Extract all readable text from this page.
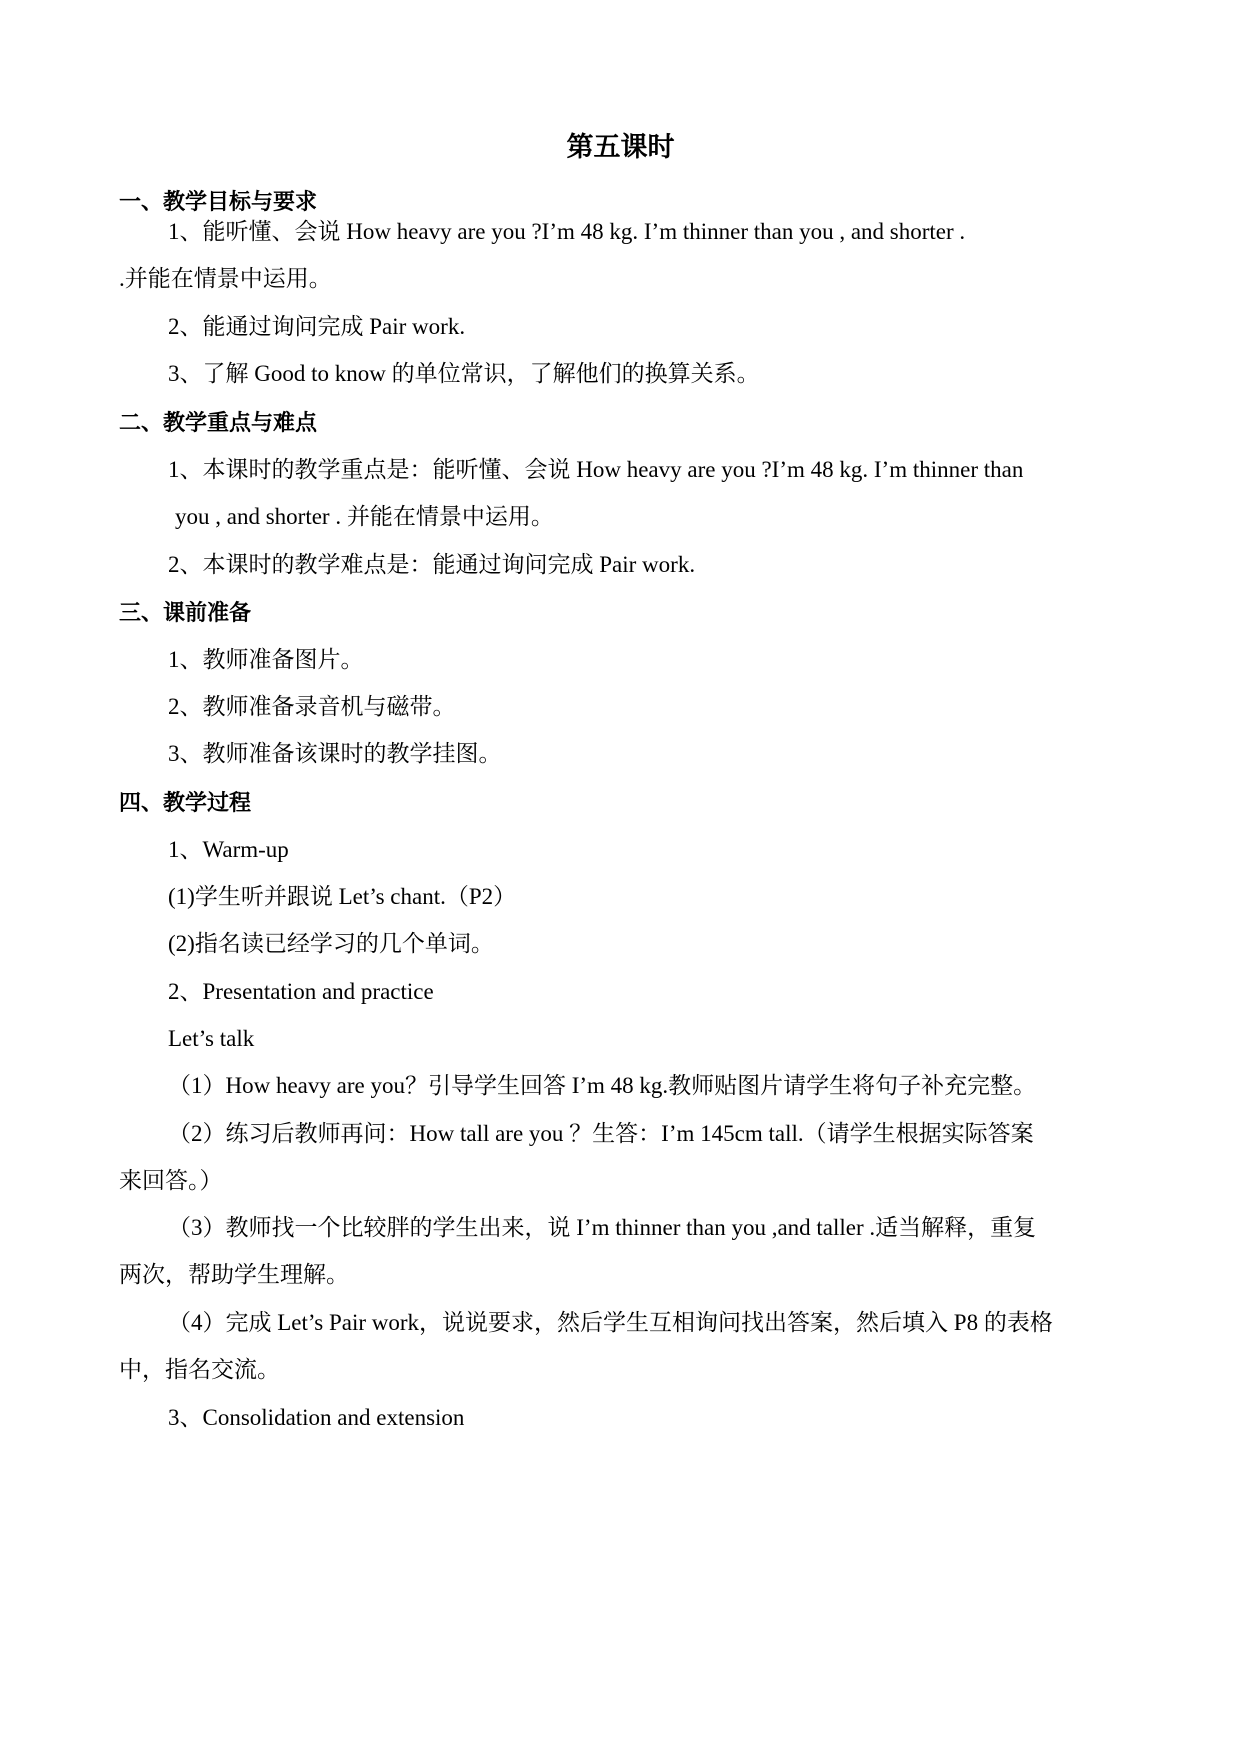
第五课时
一、教学目标与要求
1、能听懂、会说 How heavy are you ?I’m 48 kg. I’m thinner than you , and shorter .
.并能在情景中运用。
2、能通过询问完成 Pair work.
3、了解 Good to know 的单位常识，了解他们的换算关系。
二、教学重点与难点
1、本课时的教学重点是：能听懂、会说 How heavy are you ?I’m 48 kg. I’m thinner than
you , and shorter . 并能在情景中运用。
2、本课时的教学难点是：能通过询问完成 Pair work.
三、课前准备
1、教师准备图片。
2、教师准备录音机与磁带。
3、教师准备该课时的教学挂图。
四、教学过程
1、Warm-up
(1)学生听并跟说 Let’s chant.（P2）
(2)指名读已经学习的几个单词。
2、Presentation and practice
Let’s talk
（1）How heavy are you？引导学生回答 I’m 48 kg.教师贴图片请学生将句子补充完整。
（2）练习后教师再问：How tall are you ？生答：I’m 145cm tall.（请学生根据实际答案
来回答。）
（3）教师找一个比较胖的学生出来，说 I’m thinner than you ,and taller .适当解释，重复
两次，帮助学生理解。
（4）完成 Let’s Pair work，说说要求，然后学生互相询问找出答案，然后填入 P8 的表格
中，指名交流。
3、Consolidation and extension
